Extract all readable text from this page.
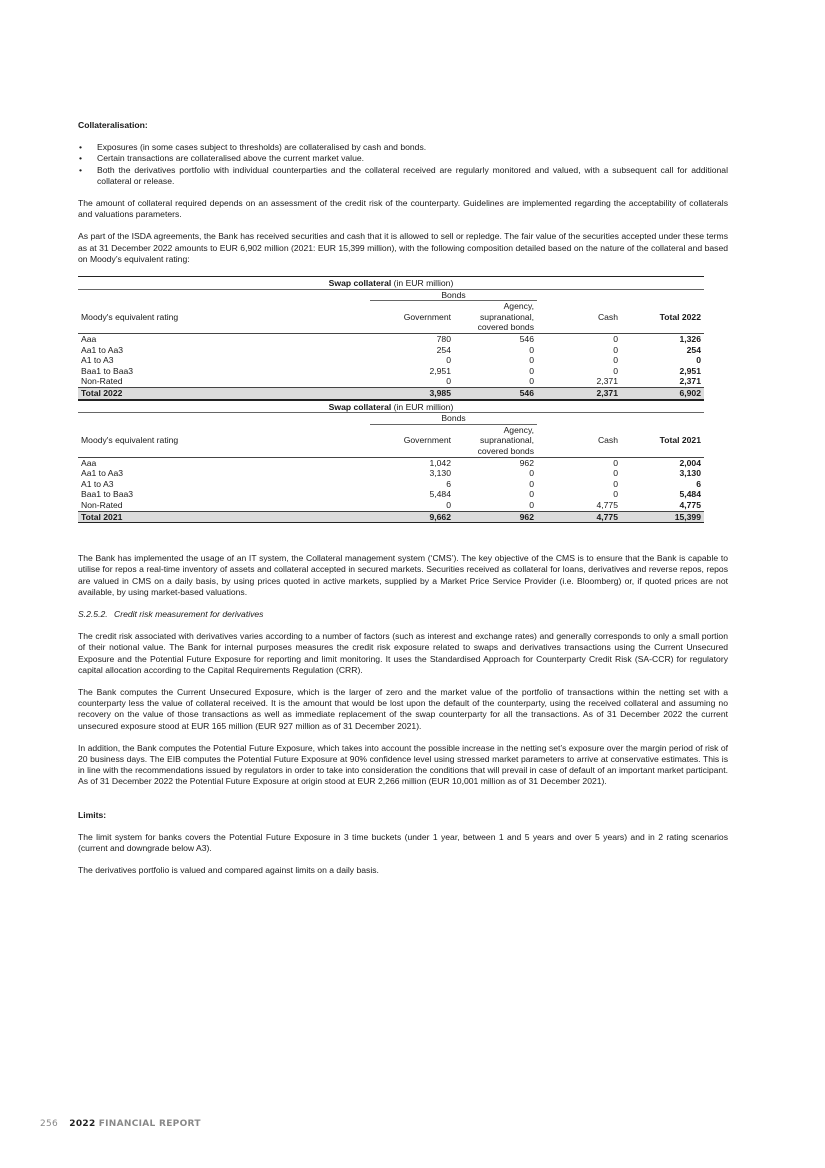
Collateralisation:

• Exposures (in some cases subject to thresholds) are collateralised by cash and bonds.
• Certain transactions are collateralised above the current market value.
• Both the derivatives portfolio with individual counterparties and the collateral received are regularly monitored and valued, with a subsequent call for additional collateral or release.

The amount of collateral required depends on an assessment of the credit risk of the counterparty. Guidelines are implemented regarding the acceptability of collaterals and valuations parameters.

As part of the ISDA agreements, the Bank has received securities and cash that it is allowed to sell or repledge. The fair value of the securities accepted under these terms as at 31 December 2022 amounts to EUR 6,902 million (2021: EUR 15,399 million), with the following composition detailed based on the nature of the collateral and based on Moody’s equivalent rating:

Swap collateral (in EUR million)				
	Bonds			
Moody's equivalent rating	Government	Agency,
supranational,
covered bonds	Cash	Total 2022
Aaa	780	546	0	1,326
Aa1 to Aa3	254	0	0	254
A1 to A3	0	0	0	0
Baa1 to Baa3	2,951	0	0	2,951
Non-Rated	0	0	2,371	2,371
Total 2022	3,985	546	2,371	6,902
Swap collateral (in EUR million)				
	Bonds			
Moody's equivalent rating	Government	Agency,
supranational,
covered bonds	Cash	Total 2021
Aaa	1,042	962	0	2,004
Aa1 to Aa3	3,130	0	0	3,130
A1 to A3	6	0	0	6
Baa1 to Baa3	5,484	0	0	5,484
Non-Rated	0	0	4,775	4,775
Total 2021	9,662	962	4,775	15,399

The Bank has implemented the usage of an IT system, the Collateral management system (‘CMS’). The key objective of the CMS is to ensure that the Bank is capable to utilise for repos a real-time inventory of assets and collateral accepted in secured markets. Securities received as collateral for loans, derivatives and reverse repos, repos are valued in CMS on a daily basis, by using prices quoted in active markets, supplied by a Market Price Service Provider (i.e. Bloomberg) or, if quoted prices are not available, by using market-based valuations.

S.2.5.2. Credit risk measurement for derivatives

The credit risk associated with derivatives varies according to a number of factors (such as interest and exchange rates) and generally corresponds to only a small portion of their notional value. The Bank for internal purposes measures the credit risk exposure related to swaps and derivatives transactions using the Current Unsecured Exposure and the Potential Future Exposure for reporting and limit monitoring. It uses the Standardised Approach for Counterparty Credit Risk (SA-CCR) for regulatory capital allocation according to the Capital Requirements Regulation (CRR).

The Bank computes the Current Unsecured Exposure, which is the larger of zero and the market value of the portfolio of transactions within the netting set with a counterparty less the value of collateral received. It is the amount that would be lost upon the default of the counterparty, using the received collateral and assuming no recovery on the value of those transactions as well as immediate replacement of the swap counterparty for all the transactions. As of 31 December 2022 the current unsecured exposure stood at EUR 165 million (EUR 927 million as of 31 December 2021).

In addition, the Bank computes the Potential Future Exposure, which takes into account the possible increase in the netting set’s exposure over the margin period of risk of 20 business days. The EIB computes the Potential Future Exposure at 90% confidence level using stressed market parameters to arrive at conservative estimates. This is in line with the recommendations issued by regulators in order to take into consideration the conditions that will prevail in case of default of an important market participant. As of 31 December 2022 the Potential Future Exposure at origin stood at EUR 2,266 million (EUR 10,001 million as of 31 December 2021).

Limits:

The limit system for banks covers the Potential Future Exposure in 3 time buckets (under 1 year, between 1 and 5 years and over 5 years) and in 2 rating scenarios (current and downgrade below A3).

The derivatives portfolio is valued and compared against limits on a daily basis.

256 2022 FINANCIAL REPORT
